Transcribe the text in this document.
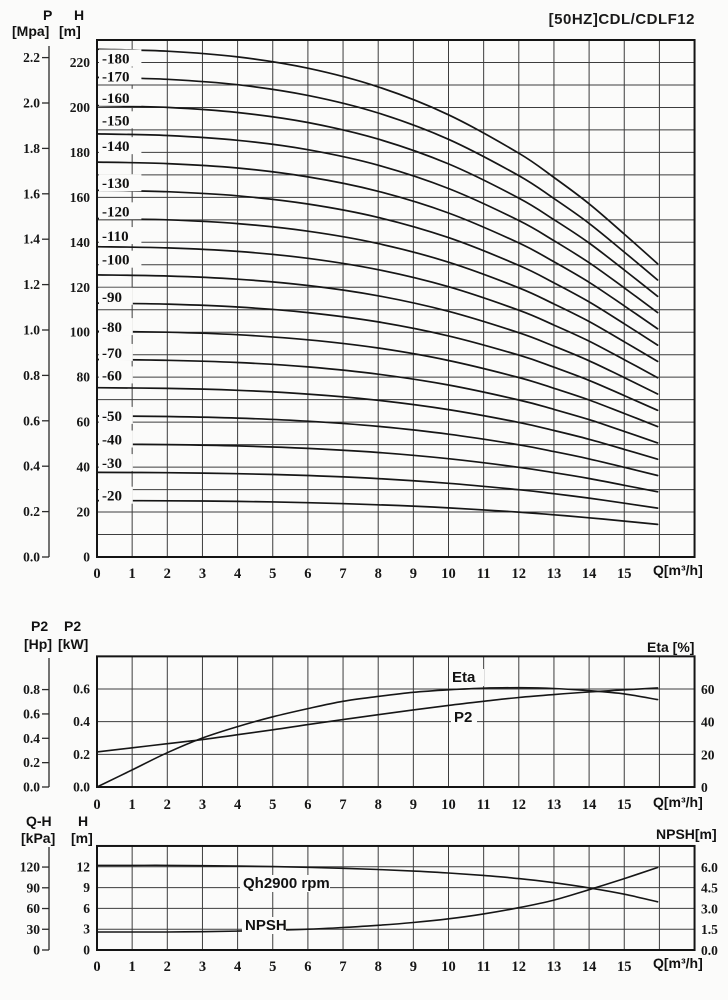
-20
-30
-40
-50
-60
-70
-80
-90
-100
-110
-120
-130
-140
-150
-160
-170
-180
0
20
40
60
80
100
120
140
160
180
200
220
0.0
0.2
0.4
0.6
0.8
1.0
1.2
1.4
1.6
1.8
2.0
2.2
0 1 2 3 4 5 6 7 8 9 10 11 12 13 14 15
Eta
P2
0.0
0.2
0.4
0.6
0.0
0.2
0.4
0.6
0.8	60
40
20
0
0 1 2 3 4 5 6 7 8 9 10 11 12 13 14 15
Qh2900 rpm
NPSH
0
3
6
9
12
0
30
60
90
120	6.0
4.5
3.0
1.5
0.0
0 1 2 3 4 5 6 7 8 9 10 11 12 13 14 15
[50HZ]CDL/CDLF12
P H
[Mpa] [m]
Q[m³/h]
P2 P2
[Hp] [kW]	Eta [%]
Q[m³/h]
Q-H H
[kPa] [m]	NPSH[m]
Q[m³/h]
